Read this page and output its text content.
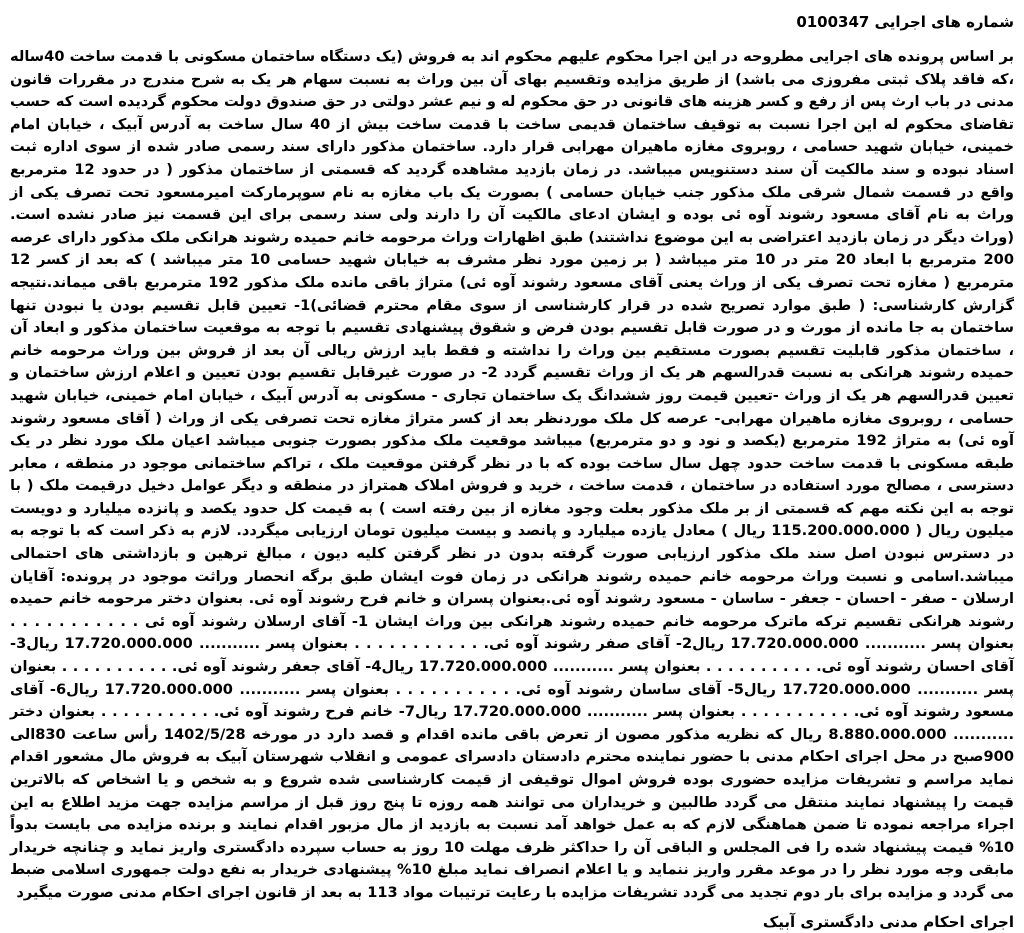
شماره های اجرایی 0100347

بر اساس پرونده های اجرایی مطروحه در این اجرا محکوم علیهم محکوم اند به فروش (یک دستگاه ساختمان مسکونی با قدمت ساخت 40ساله ،که فاقد پلاک ثبتی مفروزی می باشد) از طریق مزایده وتقسیم بهای آن بین وراث به نسبت سهام هر یک به شرح مندرج در مقررات قانون مدنی در باب ارث پس از رفع و کسر هزینه های قانونی در حق محکوم له و نیم عشر دولتی در حق صندوق دولت محکوم گردیده است که حسب تقاضای محکوم له این اجرا نسبت به توقیف ساختمان قدیمی ساخت با قدمت ساخت بیش از 40 سال ساخت به آدرس آبیک ، خیابان امام خمینی، خیابان شهید حسامی ، روبروی مغازه ماهیران مهرابی قرار دارد. ساختمان مذکور دارای سند رسمی صادر شده از سوی اداره ثبت اسناد نبوده و سند مالکیت آن سند دستنویس میباشد. در زمان بازدید مشاهده گردید که قسمتی از ساختمان مذکور ( در حدود 12 مترمربع واقع در قسمت شمال شرقی ملک مذکور جنب خیابان حسامی ) بصورت یک باب مغازه به نام سوپرمارکت امیرمسعود تحت تصرف یکی از وراث به نام آقای مسعود رشوند آوه ئی بوده و ایشان ادعای مالکیت آن را دارند ولی سند رسمی برای این قسمت نیز صادر نشده است. (وراث دیگر در زمان بازدید اعتراضی به این موضوع نداشتند) طبق اظهارات وراث مرحومه خانم حمیده رشوند هرانکی ملک مذکور دارای عرصه 200 مترمربع با ابعاد 20 متر در 10 متر میباشد ( بر زمین مورد نظر مشرف به خیابان شهید حسامی 10 متر میباشد ) که بعد از کسر 12 مترمربع ( مغازه تحت تصرف یکی از وراث یعنی آقای مسعود رشوند آوه ئی) متراژ باقی مانده ملک مذکور 192 مترمربع باقی میماند.نتیجه گزارش کارشناسی: ( طبق موارد تصریح شده در قرار کارشناسی از سوی مقام محترم قضائی)1- تعیین قابل تقسیم بودن یا نبودن تنها ساختمان به جا مانده از مورث و در صورت قابل تقسیم بودن فرض و شقوق پیشنهادی تقسیم با توجه به موقعیت ساختمان مذکور و ابعاد آن ، ساختمان مذکور قابلیت تقسیم بصورت مستقیم بین وراث را نداشته و فقط باید ارزش ریالی آن بعد از فروش بین وراث مرحومه خانم حمیده رشوند هرانکی به نسبت قدرالسهم هر یک از وراث تقسیم گردد 2- در صورت غیرقابل تقسیم بودن تعیین و اعلام ارزش ساختمان و تعیین قدرالسهم هر یک از وراث -تعیین قیمت روز ششدانگ یک ساختمان تجاری - مسکونی به آدرس آبیک ، خیابان امام خمینی، خیابان شهید حسامی ، روبروی مغازه ماهیران مهرابی- عرصه کل ملک موردنظر بعد از کسر متراژ مغازه تحت تصرفی یکی از وراث ( آقای مسعود رشوند آوه ئی) به متراژ 192 مترمربع (یکصد و نود و دو مترمربع) میباشد موقعیت ملک مذکور بصورت جنوبی میباشد اعیان ملک مورد نظر در یک طبقه مسکونی با قدمت ساخت حدود چهل سال ساخت بوده که با در نظر گرفتن موقعیت ملک ، تراکم ساختمانی موجود در منطقه ، معابر دسترسی ، مصالح مورد استفاده در ساختمان ، قدمت ساخت ، خرید و فروش املاک همتراز در منطقه و دیگر عوامل دخیل درقیمت ملک ( با توجه به این نکته مهم که قسمتی از بر ملک مذکور بعلت وجود مغازه از بین رفته است ) به قیمت کل حدود یکصد و پانزده میلیارد و دویست میلیون ریال ( 115.200.000.000 ریال ) معادل یازده میلیارد و پانصد و بیست میلیون تومان ارزیابی میگردد. لازم به ذکر است که با توجه به در دسترس نبودن اصل سند ملک مذکور ارزیابی صورت گرفته بدون در نظر گرفتن کلیه دیون ، مبالغ ترهین و بازداشتی های احتمالی میباشد.اسامی و نسبت وراث مرحومه خانم حمیده رشوند هرانکی در زمان فوت ایشان طبق برگه انحصار وراثت موجود در پرونده: آقایان ارسلان - صفر - احسان - جعفر - ساسان - مسعود رشوند آوه ئی.بعنوان پسران و خانم فرح رشوند آوه ئی. بعنوان دختر مرحومه خانم حمیده رشوند هرانکی تقسیم ترکه ماترک مرحومه خانم حمیده رشوند هرانکی بین وراث ایشان 1- آقای ارسلان رشوند آوه ئی . . . . . . . . . . . بعنوان پسر ........... 17.720.000.000 ریال2- آقای صفر رشوند آوه ئی. . . . . . . . . . . . بعنوان پسر ........... 17.720.000.000 ریال3- آقای احسان رشوند آوه ئی. . . . . . . . . . . بعنوان پسر ........... 17.720.000.000 ریال4- آقای جعفر رشوند آوه ئی. . . . . . . . . . . بعنوان پسر ........... 17.720.000.000 ریال5- آقای ساسان رشوند آوه ئی. . . . . . . . . . . بعنوان پسر ........... 17.720.000.000 ریال6- آقای مسعود رشوند آوه ئی. . . . . . . . . . . بعنوان پسر ........... 17.720.000.000 ریال7- خانم فرح رشوند آوه ئی. . . . . . . . . . . بعنوان دختر ........... 8.880.000.000 ریال که نظریه مذکور مصون از تعرض باقی مانده اقدام و قصد دارد در مورخه 1402/5/28 رأس ساعت 830الی 900صبح در محل اجرای احکام مدنی با حضور نماینده محترم دادستان دادسرای عمومی و انقلاب شهرستان آبیک به فروش مال مشعور اقدام نماید مراسم و تشریفات مزایده حضوری بوده فروش اموال توقیفی از قیمت کارشناسی شده شروع و به شخص و یا اشخاص که بالاترین قیمت را پیشنهاد نمایند منتقل می گردد طالبین و خریداران می توانند همه روزه تا پنج روز قبل از مراسم مزایده جهت مزید اطلاع به این اجراء مراجعه نموده تا ضمن هماهنگی لازم که به عمل خواهد آمد نسبت به بازدید از مال مزبور اقدام نمایند و برنده مزایده می بایست بدواً 10% قیمت پیشنهاد شده را فی المجلس و الباقی آن را حداکثر ظرف مهلت 10 روز به حساب سپرده دادگستری واریز نماید و چنانچه خریدار مابقی وجه مورد نظر را در موعد مقرر واریز ننماید و یا اعلام انصراف نماید مبلغ 10% پیشنهادی خریدار به نفع دولت جمهوری اسلامی ضبط می گردد و مزایده برای بار دوم تجدید می گردد تشریفات مزایده با رعایت ترتیبات مواد 113 به بعد از قانون اجرای احکام مدنی صورت میگیرد

اجرای احکام مدنی دادگستری آبیک
